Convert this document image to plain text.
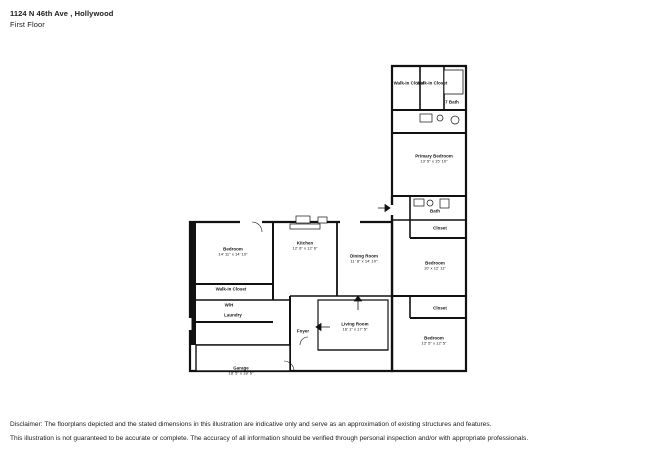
1124 N 46th Ave , Hollywood
First Floor
Walk-In Closet
Walk-In Closet
7 Bath
Primary Bedroom
13' 5" x 15' 10"
Bath
Closet
Bedroom
10' x 12' 11"
Closet
Bedroom
12' 5" x 12' 5"
Bedroom
14' 11" x 14' 10"
Kitchen
12' 6" x 12' 6"
Dining Room
11' 8" x 14' 10"
Walk-In Closet
W/H
Laundry
Foyer
Living Room
16' 1" x 17' 5"
Garage
18' 5" x 18' 6"

Disclaimer: The floorplans depicted and the stated dimensions in this illustration are indicative only and serve as an approximation of existing structures and features.

This illustration is not guaranteed to be accurate or complete. The accuracy of all information should be verified through personal inspection and/or with appropriate professionals.
